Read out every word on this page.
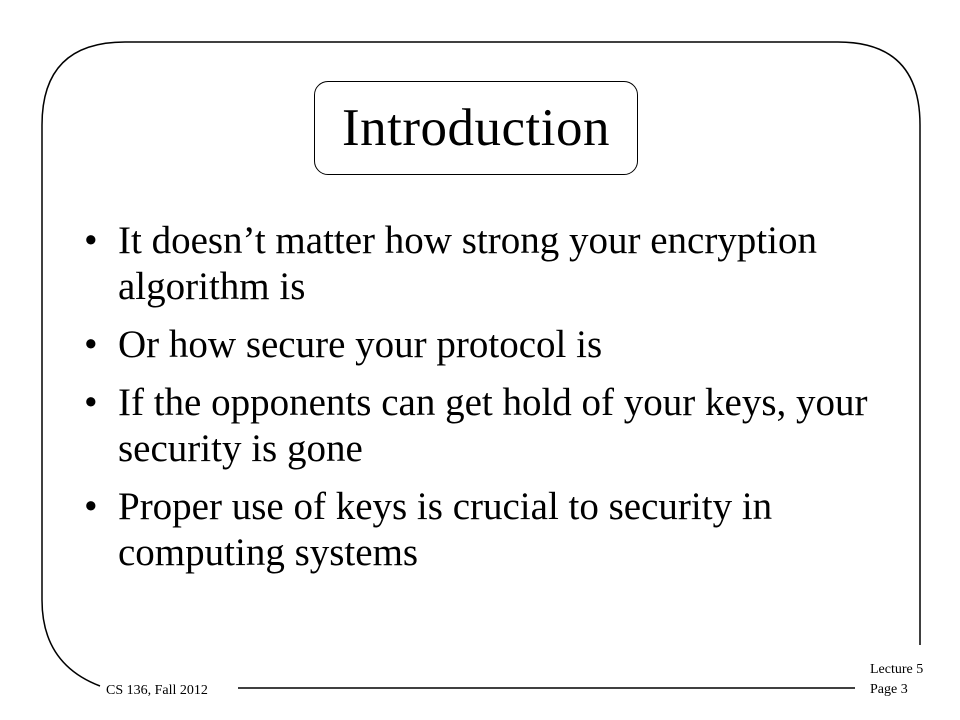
Introduction
• It doesn’t matter how strong your encryption algorithm is
• Or how secure your protocol is
• If the opponents can get hold of your keys, your security is gone
• Proper use of keys is crucial to security in computing systems
CS 136, Fall 2012
Lecture 5
Page 3
